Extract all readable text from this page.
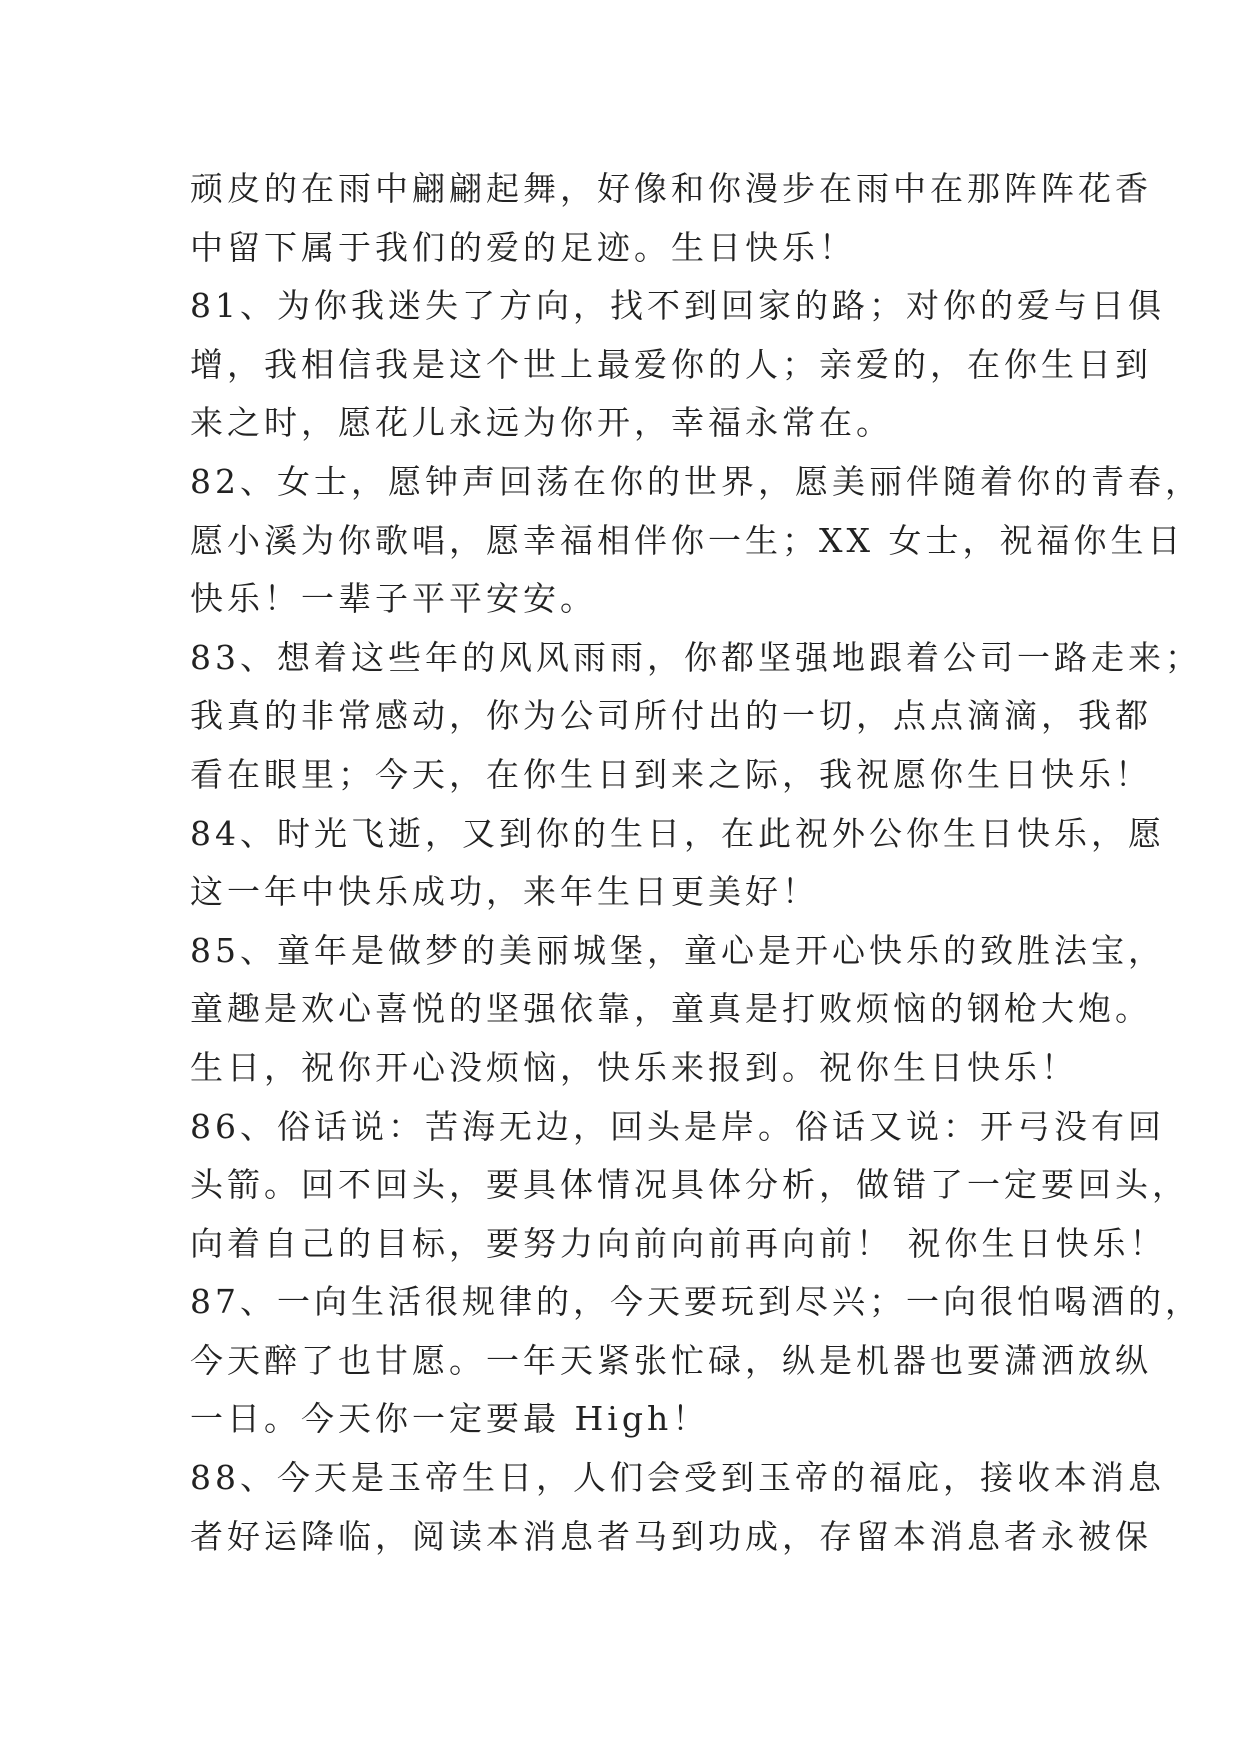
顽皮的在雨中翩翩起舞，好像和你漫步在雨中在那阵阵花香
中留下属于我们的爱的足迹。生日快乐！
81、为你我迷失了方向，找不到回家的路；对你的爱与日俱
增，我相信我是这个世上最爱你的人；亲爱的，在你生日到
来之时，愿花儿永远为你开，幸福永常在。
82、女士，愿钟声回荡在你的世界，愿美丽伴随着你的青春，
愿小溪为你歌唱，愿幸福相伴你一生；XX 女士，祝福你生日
快乐！一辈子平平安安。
83、想着这些年的风风雨雨，你都坚强地跟着公司一路走来；
我真的非常感动，你为公司所付出的一切，点点滴滴，我都
看在眼里；今天，在你生日到来之际，我祝愿你生日快乐！
84、时光飞逝，又到你的生日，在此祝外公你生日快乐，愿
这一年中快乐成功，来年生日更美好！
85、童年是做梦的美丽城堡，童心是开心快乐的致胜法宝，
童趣是欢心喜悦的坚强依靠，童真是打败烦恼的钢枪大炮。
生日，祝你开心没烦恼，快乐来报到。祝你生日快乐！
86、俗话说：苦海无边，回头是岸。俗话又说：开弓没有回
头箭。回不回头，要具体情况具体分析，做错了一定要回头，
向着自己的目标，要努力向前向前再向前！ 祝你生日快乐！
87、一向生活很规律的，今天要玩到尽兴；一向很怕喝酒的，
今天醉了也甘愿。一年天紧张忙碌，纵是机器也要潇洒放纵
一日。今天你一定要最 High！
88、今天是玉帝生日，人们会受到玉帝的福庇，接收本消息
者好运降临，阅读本消息者马到功成，存留本消息者永被保
